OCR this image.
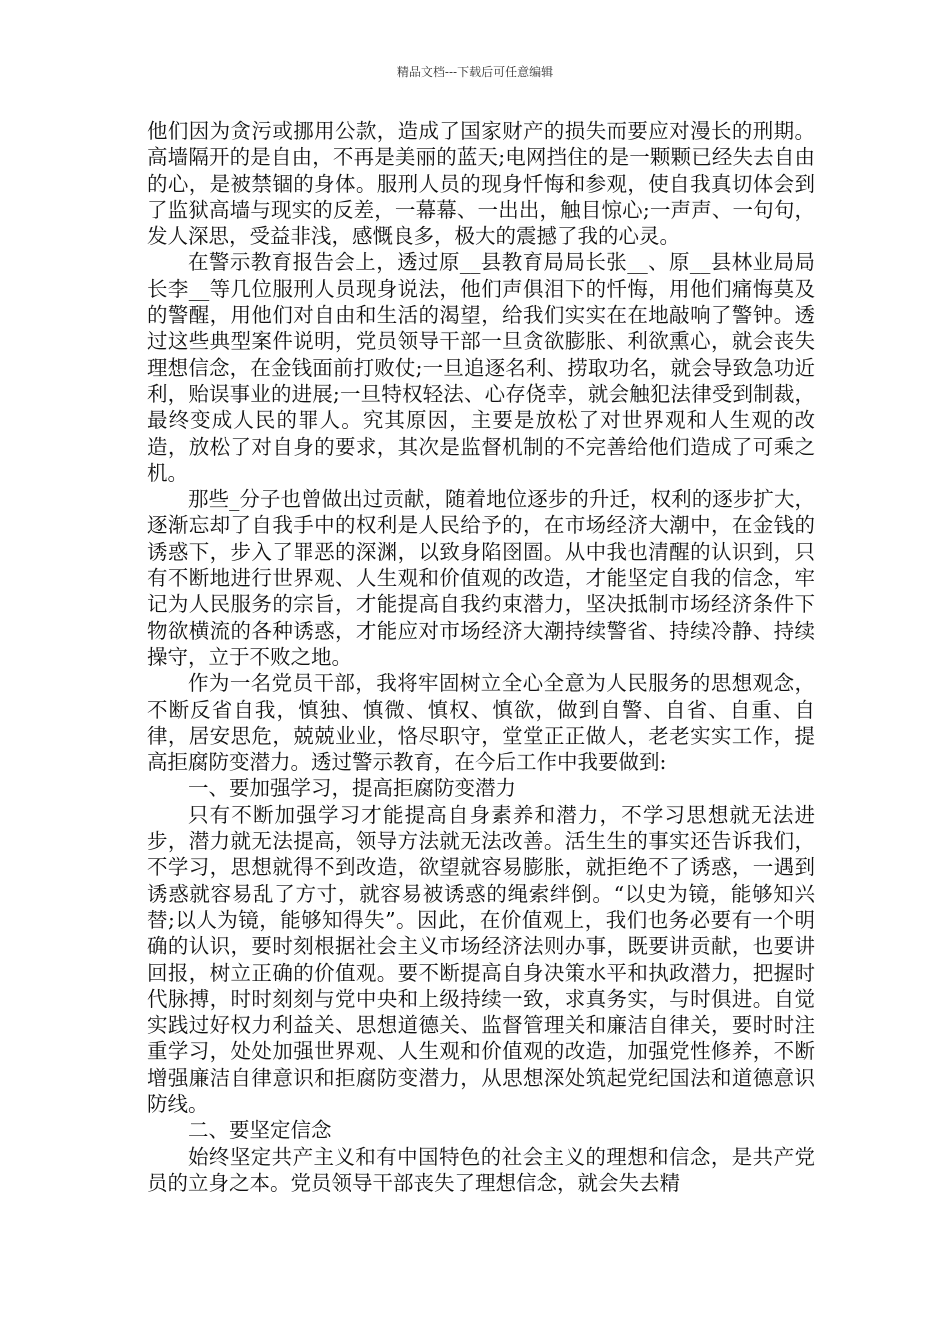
精品文档---下载后可任意编辑

他们因为贪污或挪用公款，造成了国家财产的损失而要应对漫长的刑期。高墙隔开的是自由，不再是美丽的蓝天;电网挡住的是一颗颗已经失去自由的心，是被禁锢的身体。服刑人员的现身忏悔和参观，使自我真切体会到了监狱高墙与现实的反差，一幕幕、一出出，触目惊心;一声声、一句句，发人深思，受益非浅，感慨良多，极大的震撼了我的心灵。

在警示教育报告会上，透过原__县教育局局长张__、原__县林业局局长李__等几位服刑人员现身说法，他们声俱泪下的忏悔，用他们痛悔莫及的警醒，用他们对自由和生活的渴望，给我们实实在在地敲响了警钟。透过这些典型案件说明，党员领导干部一旦贪欲膨胀、利欲熏心，就会丧失理想信念，在金钱面前打败仗;一旦追逐名利、捞取功名，就会导致急功近利，贻误事业的进展;一旦特权轻法、心存侥幸，就会触犯法律受到制裁，最终变成人民的罪人。究其原因，主要是放松了对世界观和人生观的改造，放松了对自身的要求，其次是监督机制的不完善给他们造成了可乘之机。

那些_分子也曾做出过贡献，随着地位逐步的升迁，权利的逐步扩大，逐渐忘却了自我手中的权利是人民给予的，在市场经济大潮中，在金钱的诱惑下，步入了罪恶的深渊，以致身陷囹圄。从中我也清醒的认识到，只有不断地进行世界观、人生观和价值观的改造，才能坚定自我的信念，牢记为人民服务的宗旨，才能提高自我约束潜力，坚决抵制市场经济条件下物欲横流的各种诱惑，才能应对市场经济大潮持续警省、持续冷静、持续操守，立于不败之地。

作为一名党员干部，我将牢固树立全心全意为人民服务的思想观念，不断反省自我，慎独、慎微、慎权、慎欲，做到自警、自省、自重、自律，居安思危，兢兢业业，恪尽职守，堂堂正正做人，老老实实工作，提高拒腐防变潜力。透过警示教育，在今后工作中我要做到:

一、要加强学习，提高拒腐防变潜力

只有不断加强学习才能提高自身素养和潜力，不学习思想就无法进步，潜力就无法提高，领导方法就无法改善。活生生的事实还告诉我们，不学习，思想就得不到改造，欲望就容易膨胀，就拒绝不了诱惑，一遇到诱惑就容易乱了方寸，就容易被诱惑的绳索绊倒。“以史为镜，能够知兴替;以人为镜，能够知得失”。因此，在价值观上，我们也务必要有一个明确的认识，要时刻根据社会主义市场经济法则办事，既要讲贡献，也要讲回报，树立正确的价值观。要不断提高自身决策水平和执政潜力，把握时代脉搏，时时刻刻与党中央和上级持续一致，求真务实，与时俱进。自觉实践过好权力利益关、思想道德关、监督管理关和廉洁自律关，要时时注重学习，处处加强世界观、人生观和价值观的改造，加强党性修养，不断增强廉洁自律意识和拒腐防变潜力，从思想深处筑起党纪国法和道德意识防线。

二、要坚定信念

始终坚定共产主义和有中国特色的社会主义的理想和信念，是共产党员的立身之本。党员领导干部丧失了理想信念，就会失去精
